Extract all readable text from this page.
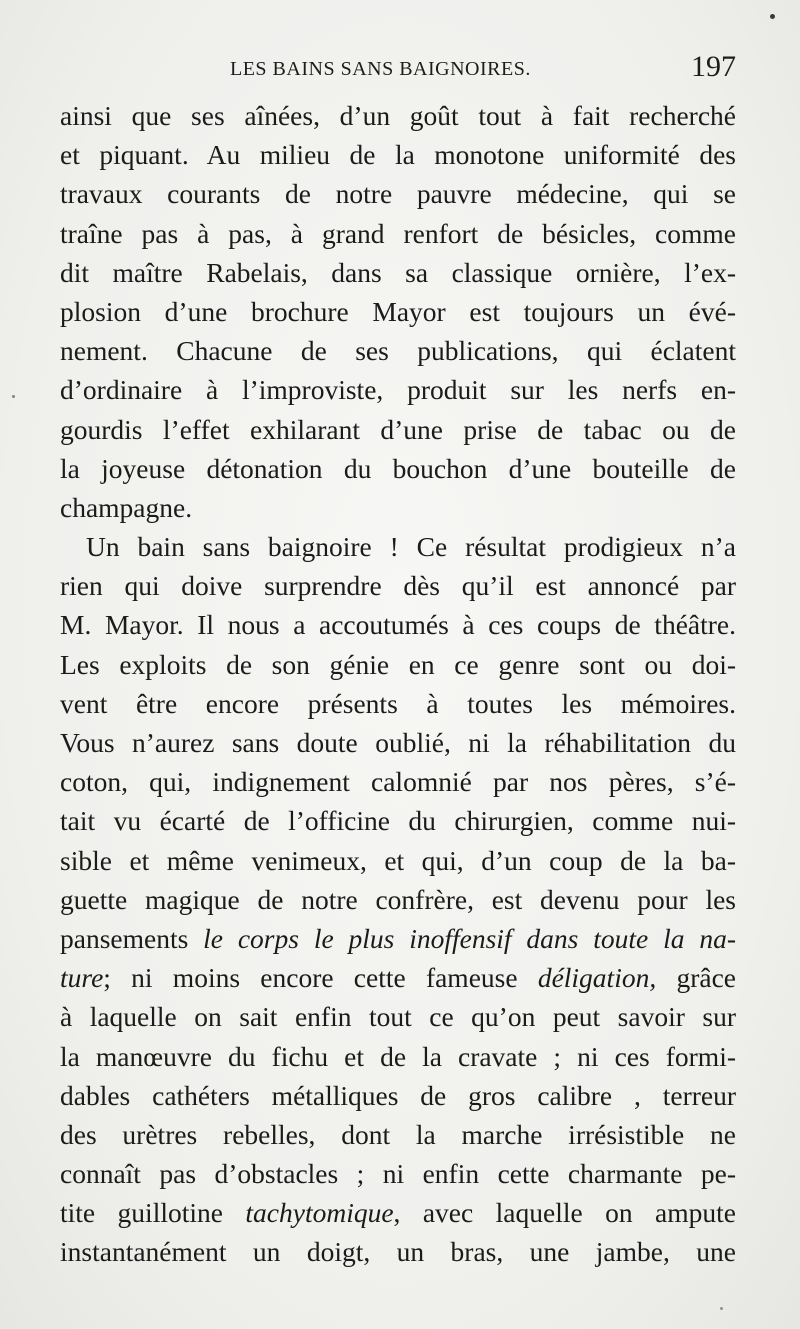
LES BAINS SANS BAIGNOIRES.	197
ainsi que ses aînées, d’un goût tout à fait recherché
et piquant. Au milieu de la monotone uniformité des
travaux courants de notre pauvre médecine, qui se
traîne pas à pas, à grand renfort de bésicles, comme
dit maître Rabelais, dans sa classique ornière, l’ex-
plosion d’une brochure Mayor est toujours un évé-
nement. Chacune de ses publications, qui éclatent
d’ordinaire à l’improviste, produit sur les nerfs en-
gourdis l’effet exhilarant d’une prise de tabac ou de
la joyeuse détonation du bouchon d’une bouteille de
champagne.
Un bain sans baignoire ! Ce résultat prodigieux n’a
rien qui doive surprendre dès qu’il est annoncé par
M. Mayor. Il nous a accoutumés à ces coups de théâtre.
Les exploits de son génie en ce genre sont ou doi-
vent être encore présents à toutes les mémoires.
Vous n’aurez sans doute oublié, ni la réhabilitation du
coton, qui, indignement calomnié par nos pères, s’é-
tait vu écarté de l’officine du chirurgien, comme nui-
sible et même venimeux, et qui, d’un coup de la ba-
guette magique de notre confrère, est devenu pour les
pansements le corps le plus inoffensif dans toute la na-
ture; ni moins encore cette fameuse déligation, grâce
à laquelle on sait enfin tout ce qu’on peut savoir sur
la manœuvre du fichu et de la cravate ; ni ces formi-
dables cathéters métalliques de gros calibre , terreur
des urètres rebelles, dont la marche irrésistible ne
connaît pas d’obstacles ; ni enfin cette charmante pe-
tite guillotine tachytomique, avec laquelle on ampute
instantanément un doigt, un bras, une jambe, une
